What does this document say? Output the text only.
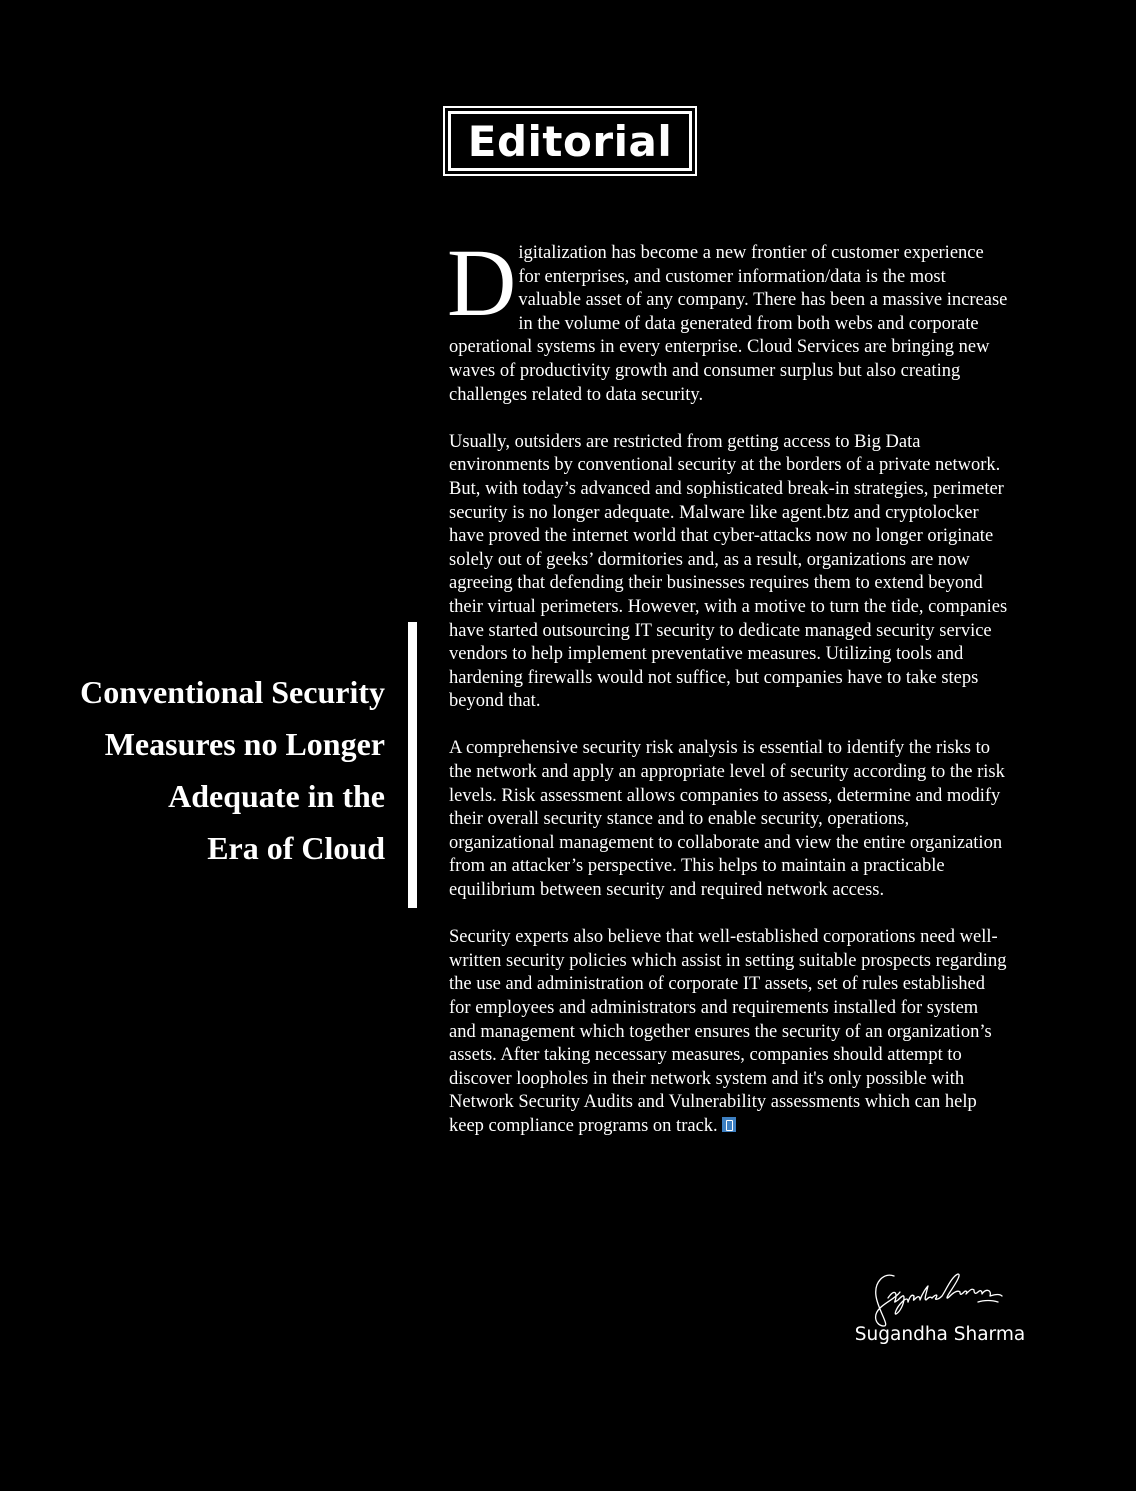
Editorial
Conventional Security
Measures no Longer
Adequate in the
Era of Cloud

Digitalization has become a new frontier of customer experience for enterprises, and customer information/data is the most valuable asset of any company. There has been a massive increase in the volume of data generated from both webs and corporate operational systems in every enterprise. Cloud Services are bringing new waves of productivity growth and consumer surplus but also creating challenges related to data security.

Usually, outsiders are restricted from getting access to Big Data environments by conventional security at the borders of a private network. But, with today’s advanced and sophisticated break-in strategies, perimeter security is no longer adequate. Malware like agent.btz and cryptolocker have proved the internet world that cyber-attacks now no longer originate solely out of geeks’ dormitories and, as a result, organizations are now agreeing that defending their businesses requires them to extend beyond their virtual perimeters. However, with a motive to turn the tide, companies have started outsourcing IT security to dedicate managed security service vendors to help implement preventative measures. Utilizing tools and hardening firewalls would not suffice, but companies have to take steps beyond that.

A comprehensive security risk analysis is essential to identify the risks to the network and apply an appropriate level of security according to the risk levels. Risk assessment allows companies to assess, determine and modify their overall security stance and to enable security, operations, organizational management to collaborate and view the entire organization from an attacker’s perspective. This helps to maintain a practicable equilibrium between security and required network access.

Security experts also believe that well-established corporations need well-written security policies which assist in setting suitable prospects regarding the use and administration of corporate IT assets, set of rules established for employees and administrators and requirements installed for system and management which together ensures the security of an organization’s assets. After taking necessary measures, companies should attempt to discover loopholes in their network system and it's only possible with Network Security Audits and Vulnerability assessments which can help keep compliance programs on track.

Sugandha Sharma
